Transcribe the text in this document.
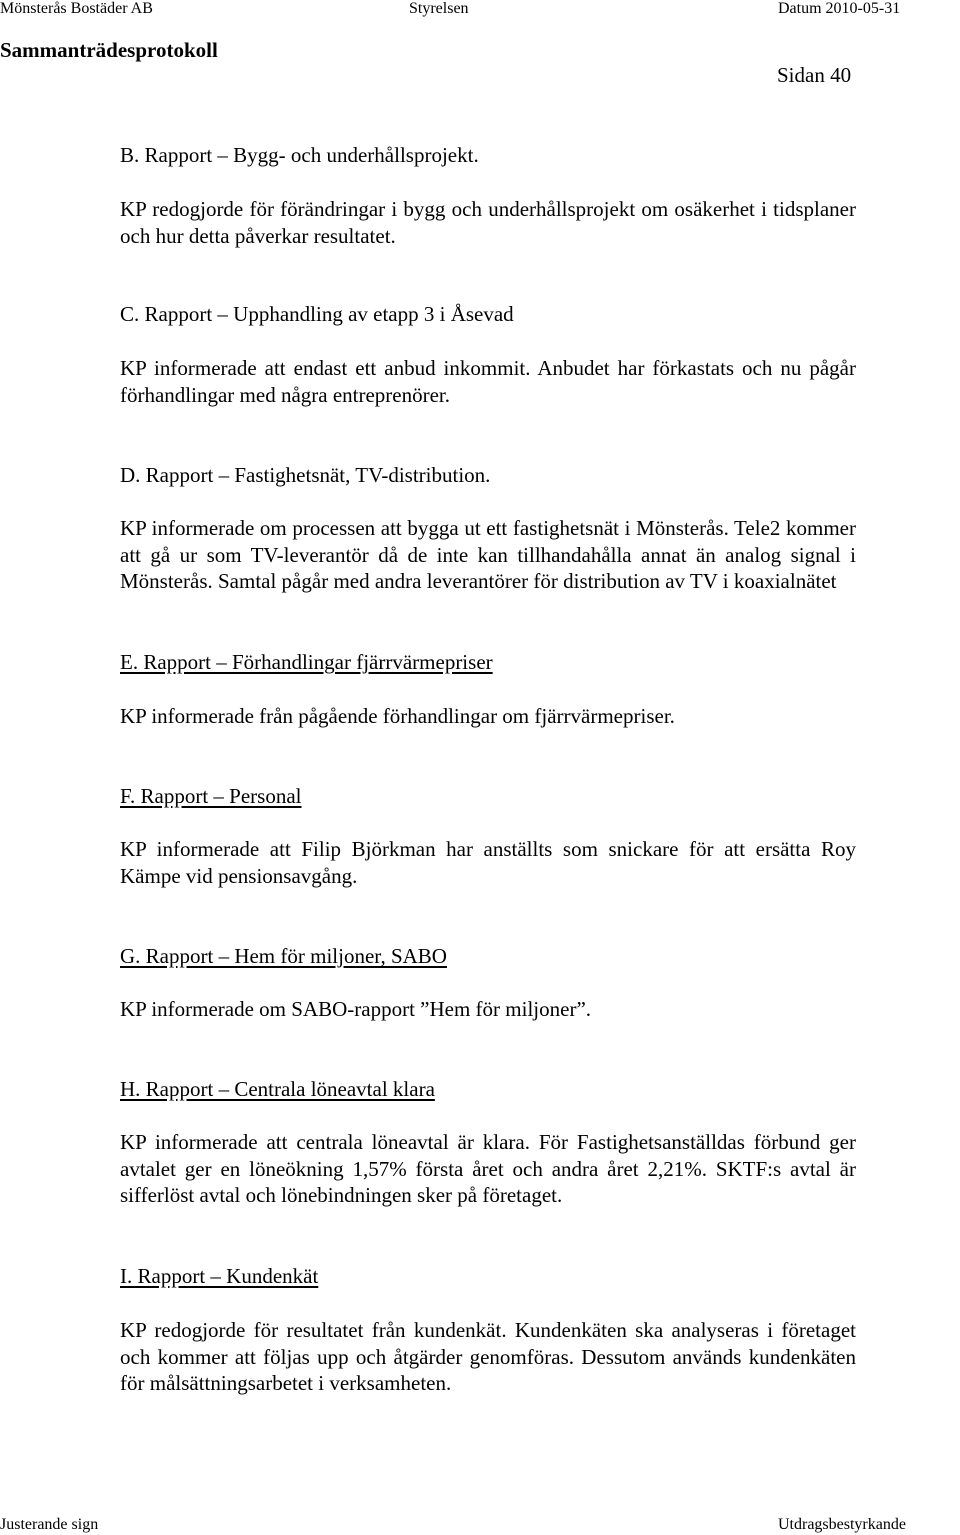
Mönsterås Bostäder AB	Styrelsen	Datum 2010-05-31
Sammanträdesprotokoll
Sidan 40
B. Rapport – Bygg- och underhållsprojekt.
KP redogjorde för förändringar i bygg och underhållsprojekt om osäkerhet i tidsplaner och hur detta påverkar resultatet.
C. Rapport – Upphandling av etapp 3 i Åsevad
KP informerade att endast ett anbud inkommit. Anbudet har förkastats och nu pågår förhandlingar med några entreprenörer.
D. Rapport – Fastighetsnät, TV-distribution.
KP informerade om processen att bygga ut ett fastighetsnät i Mönsterås. Tele2 kommer att gå ur som TV-leverantör då de inte kan tillhandahålla annat än analog signal i Mönsterås. Samtal pågår med andra leverantörer för distribution av TV i koaxialnätet
E. Rapport – Förhandlingar fjärrvärmepriser
KP informerade från pågående förhandlingar om fjärrvärmepriser.
F. Rapport – Personal
KP informerade att Filip Björkman har anställts som snickare för att ersätta Roy Kämpe vid pensionsavgång.
G. Rapport – Hem för miljoner, SABO
KP informerade om SABO-rapport ”Hem för miljoner”.
H. Rapport – Centrala löneavtal klara
KP informerade att centrala löneavtal är klara. För Fastighetsanställdas förbund ger avtalet ger en löneökning 1,57% första året och andra året 2,21%. SKTF:s avtal är sifferlöst avtal och lönebindningen sker på företaget.
I. Rapport – Kundenkät
KP redogjorde för resultatet från kundenkät. Kundenkäten ska analyseras i företaget och kommer att följas upp och åtgärder genomföras. Dessutom används kundenkäten för målsättningsarbetet i verksamheten.
Justerande sign	Utdragsbestyrkande
